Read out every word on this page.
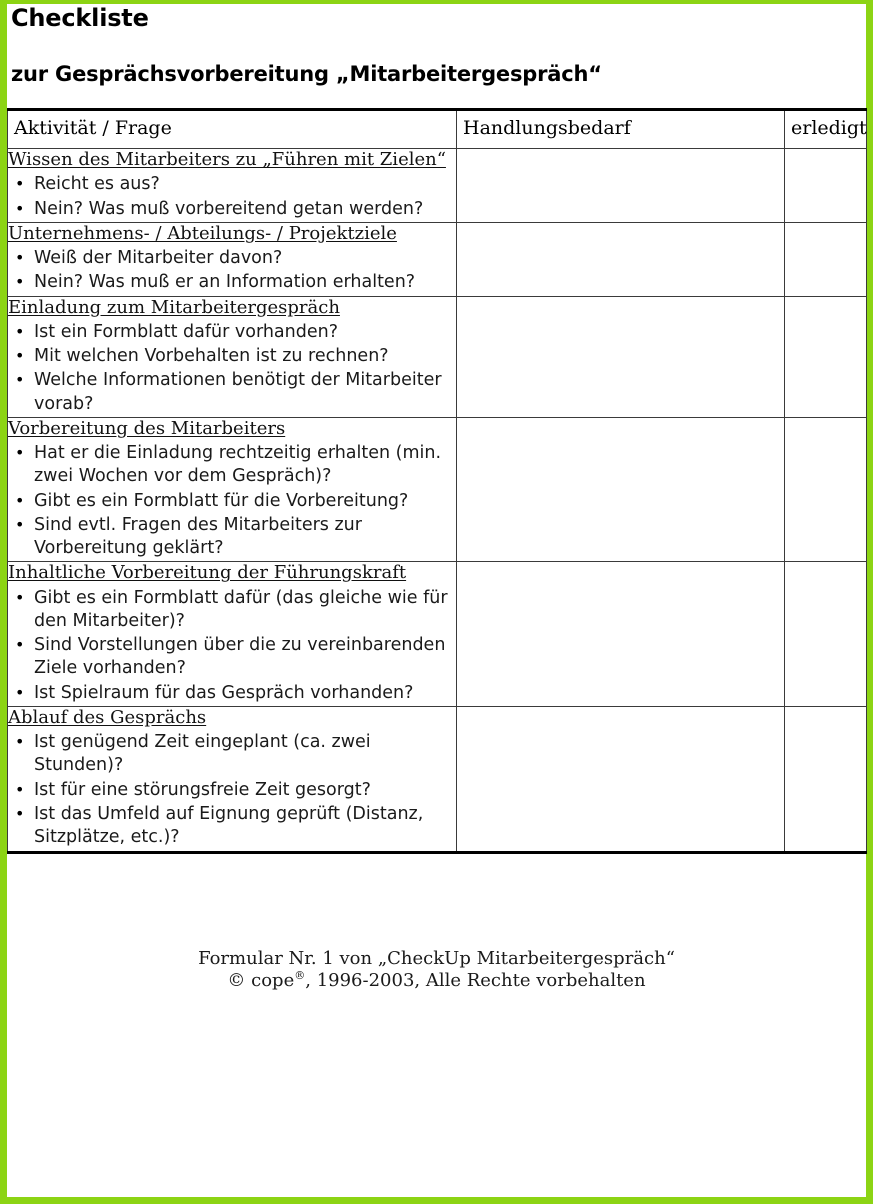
Checkliste
zur Gesprächsvorbereitung „Mitarbeitergespräch“
Aktivität / Frage	Handlungsbedarf	erledigt
Wissen des Mitarbeiters zu „Führen mit Zielen“
• Reicht es aus?
• Nein? Was muß vorbereitend getan werden?

Unternehmens- / Abteilungs- / Projektziele
• Weiß der Mitarbeiter davon?
• Nein? Was muß er an Information erhalten?

Einladung zum Mitarbeitergespräch
• Ist ein Formblatt dafür vorhanden?
• Mit welchen Vorbehalten ist zu rechnen?
• Welche Informationen benötigt der Mitarbeiter vorab?

Vorbereitung des Mitarbeiters
• Hat er die Einladung rechtzeitig erhalten (min. zwei Wochen vor dem Gespräch)?
• Gibt es ein Formblatt für die Vorbereitung?
• Sind evtl. Fragen des Mitarbeiters zur Vorbereitung geklärt?

Inhaltliche Vorbereitung der Führungskraft
• Gibt es ein Formblatt dafür (das gleiche wie für den Mitarbeiter)?
• Sind Vorstellungen über die zu vereinbarenden Ziele vorhanden?
• Ist Spielraum für das Gespräch vorhanden?

Ablauf des Gesprächs
• Ist genügend Zeit eingeplant (ca. zwei Stunden)?
• Ist für eine störungsfreie Zeit gesorgt?
• Ist das Umfeld auf Eignung geprüft (Distanz, Sitzplätze, etc.)?

Formular Nr. 1 von „CheckUp Mitarbeitergespräch“

© cope®, 1996-2003, Alle Rechte vorbehalten
